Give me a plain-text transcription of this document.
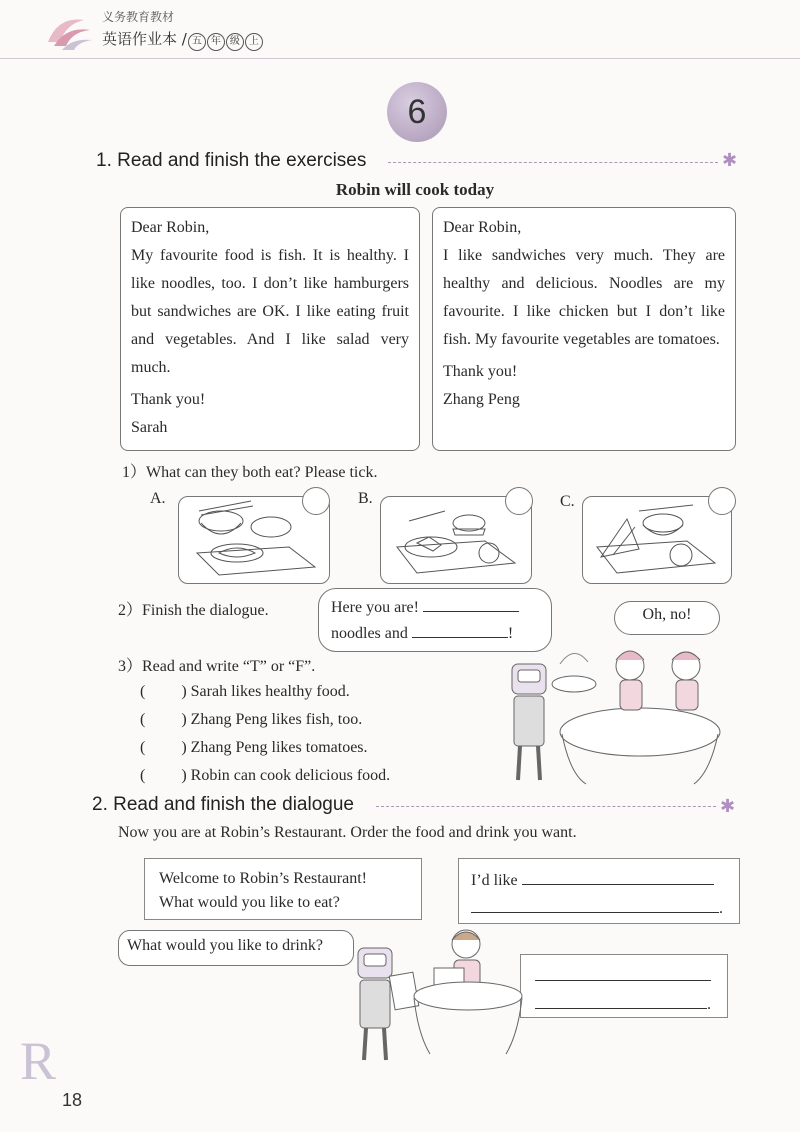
义务教育教材
英语作业本 / 五 年 级 上
6
1. Read and finish the exercises	✱
Robin will cook today

Dear Robin,

My favourite food is fish. It is healthy. I like noodles, too. I don’t like hamburgers but sandwiches are OK. I like eating fruit and vegetables. And I like salad very much.

Thank you!

Sarah

Dear Robin,

I like sandwiches very much. They are healthy and delicious. Noodles are my favourite. I like chicken but I don’t like fish. My favourite vegetables are tomatoes.

Thank you!

Zhang Peng

1）What can they both eat? Please tick.
A.	B.	C.
2）Finish the dialogue.	Here you are!
noodles and	!
Oh, no!
3）Read and write “T” or “F”.
( ) Sarah likes healthy food.
( ) Zhang Peng likes fish, too.
( ) Zhang Peng likes tomatoes.
( ) Robin can cook delicious food.
2. Read and finish the dialogue	✱
Now you are at Robin’s Restaurant. Order the food and drink you want.
Welcome to Robin’s Restaurant!
What would you like to eat?
I’d like
.
What would you like to drink?
.
R
18
